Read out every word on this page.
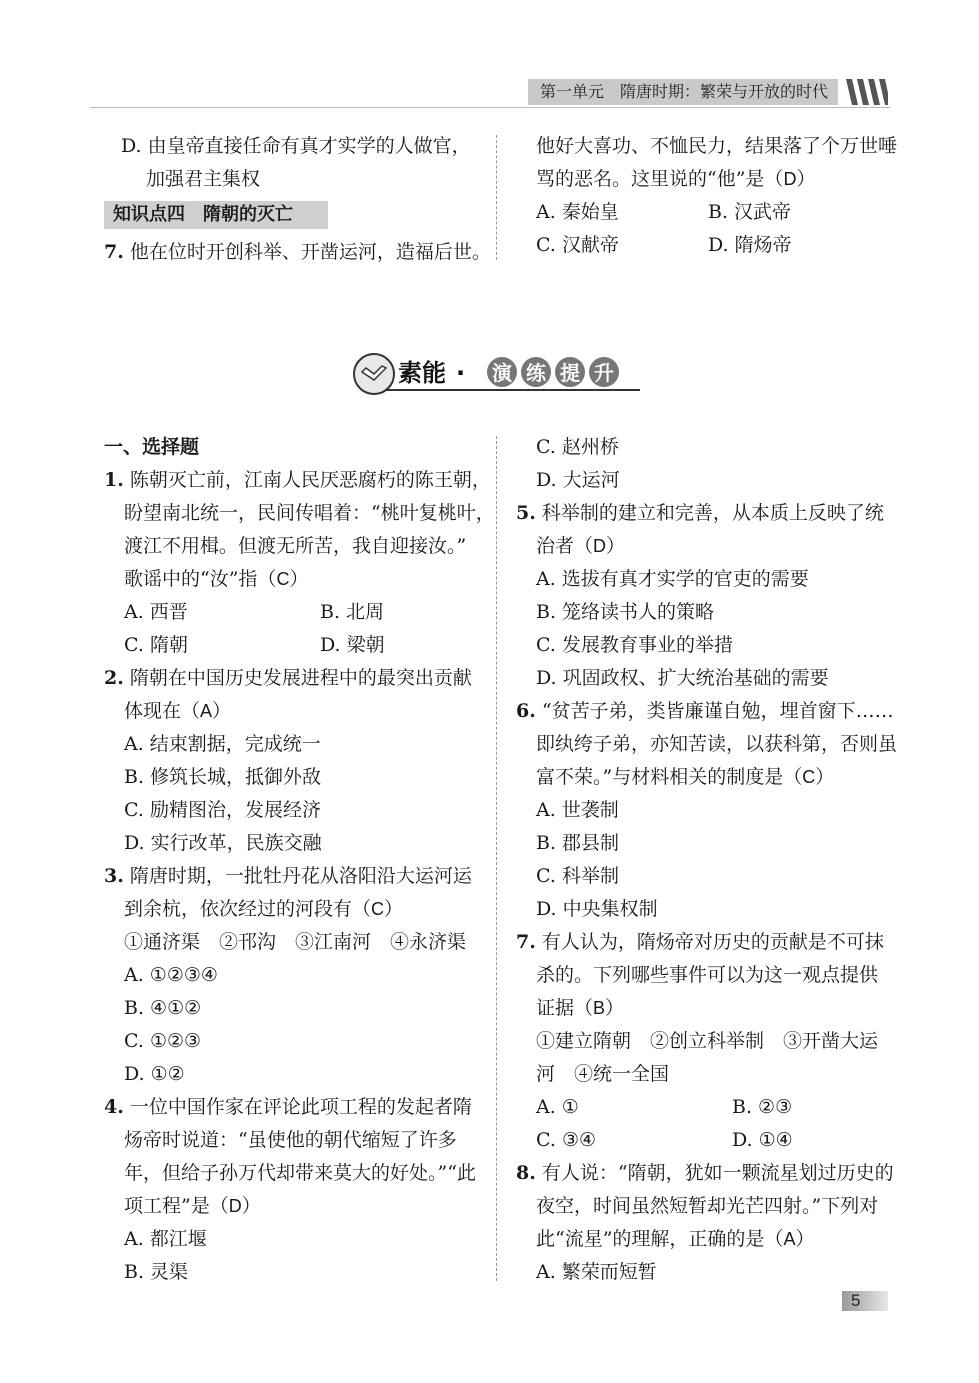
第一单元　隋唐时期：繁荣与开放的时代
D. 由皇帝直接任命有真才实学的人做官，
加强君主集权
知识点四　隋朝的灭亡
7. 他在位时开创科举、开凿运河，造福后世。
他好大喜功、不恤民力，结果落了个万世唾
骂的恶名。这里说的“他”是（D）
A. 秦始皇	B. 汉武帝
C. 汉献帝	D. 隋炀帝
素能 · 演 练 提 升
一、选择题
1. 陈朝灭亡前，江南人民厌恶腐朽的陈王朝，
盼望南北统一，民间传唱着：“桃叶复桃叶，
渡江不用楫。但渡无所苦，我自迎接汝。”
歌谣中的“汝”指（C）
A. 西晋	B. 北周
C. 隋朝	D. 梁朝
2. 隋朝在中国历史发展进程中的最突出贡献
体现在（A）
A. 结束割据，完成统一
B. 修筑长城，抵御外敌
C. 励精图治，发展经济
D. 实行改革，民族交融
3. 隋唐时期，一批牡丹花从洛阳沿大运河运
到余杭，依次经过的河段有（C）
①通济渠　②邗沟　③江南河　④永济渠
A. ①②③④
B. ④①②
C. ①②③
D. ①②
4. 一位中国作家在评论此项工程的发起者隋
炀帝时说道：“虽使他的朝代缩短了许多
年，但给子孙万代却带来莫大的好处。”“此
项工程”是（D）
A. 都江堰
B. 灵渠
C. 赵州桥
D. 大运河
5. 科举制的建立和完善，从本质上反映了统
治者（D）
A. 选拔有真才实学的官吏的需要
B. 笼络读书人的策略
C. 发展教育事业的举措
D. 巩固政权、扩大统治基础的需要
6. “贫苦子弟，类皆廉谨自勉，埋首窗下……
即纨绔子弟，亦知苦读，以获科第，否则虽
富不荣。”与材料相关的制度是（C）
A. 世袭制
B. 郡县制
C. 科举制
D. 中央集权制
7. 有人认为，隋炀帝对历史的贡献是不可抹
杀的。下列哪些事件可以为这一观点提供
证据（B）
①建立隋朝　②创立科举制　③开凿大运
河　④统一全国
A. ①	B. ②③
C. ③④	D. ①④
8. 有人说：“隋朝，犹如一颗流星划过历史的
夜空，时间虽然短暂却光芒四射。”下列对
此“流星”的理解，正确的是（A）
A. 繁荣而短暂
5
